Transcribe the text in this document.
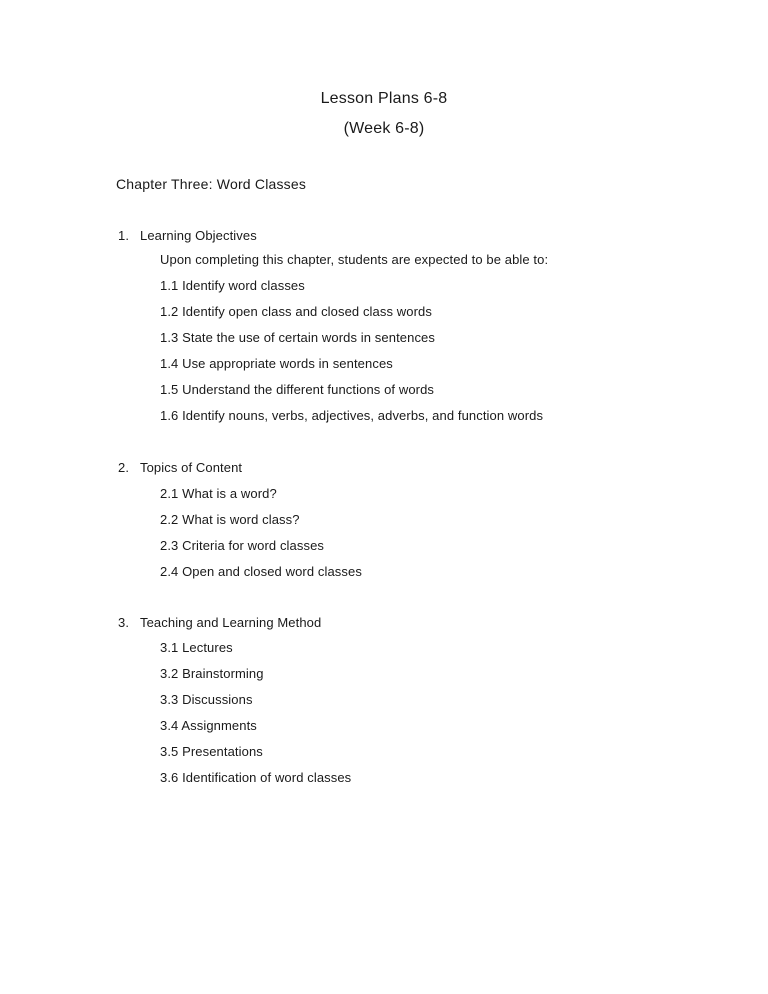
Lesson Plans 6-8
(Week 6-8)
Chapter Three: Word Classes
1. Learning Objectives
Upon completing this chapter, students are expected to be able to:
1.1 Identify word classes
1.2 Identify open class and closed class words
1.3 State the use of certain words in sentences
1.4 Use appropriate words in sentences
1.5 Understand the different functions of words
1.6 Identify nouns, verbs, adjectives, adverbs, and function words
2. Topics of Content
2.1 What is a word?
2.2 What is word class?
2.3 Criteria for word classes
2.4 Open and closed word classes
3. Teaching and Learning Method
3.1 Lectures
3.2 Brainstorming
3.3 Discussions
3.4 Assignments
3.5 Presentations
3.6 Identification of word classes
